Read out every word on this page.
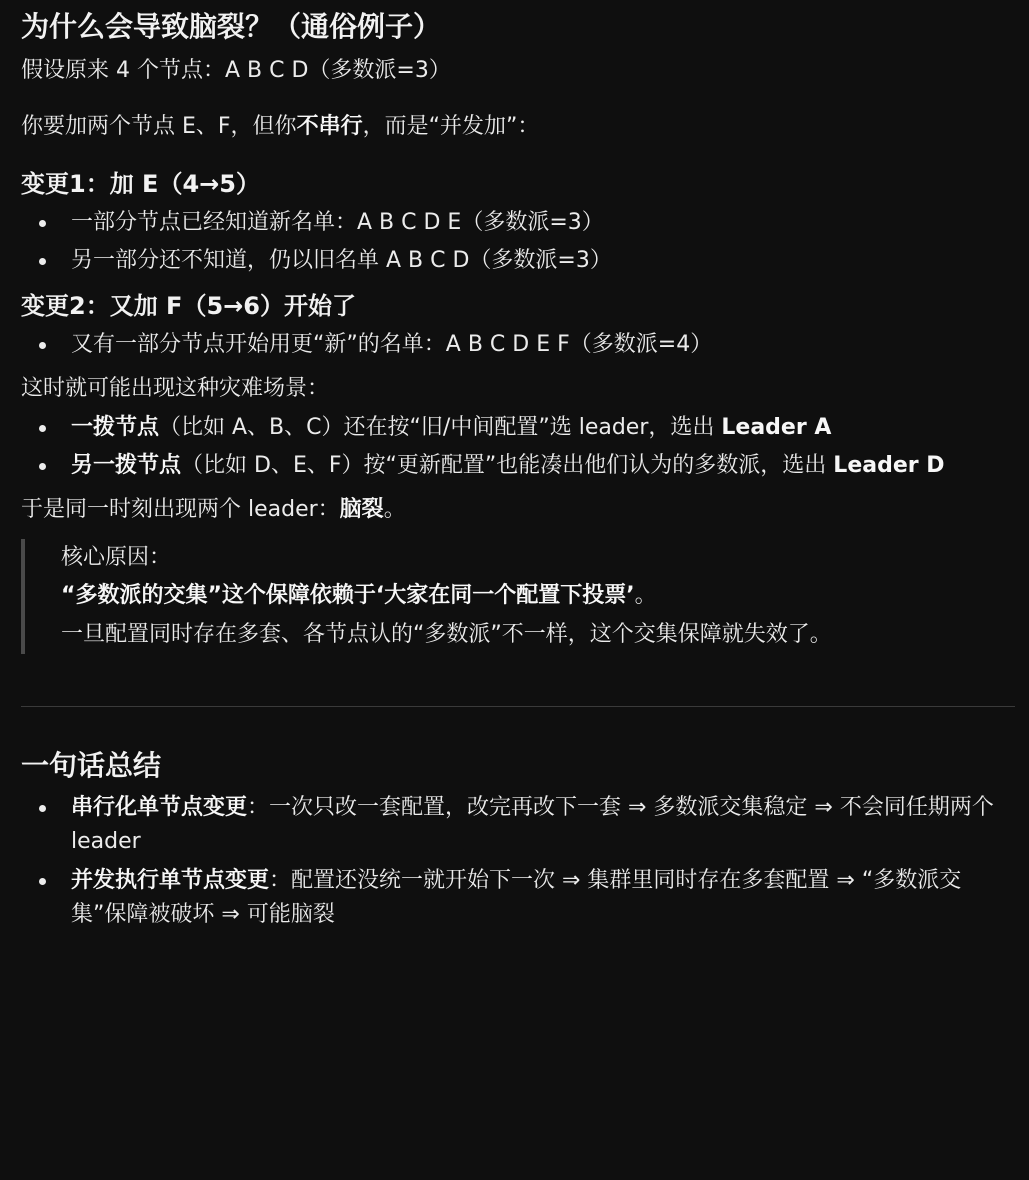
为什么会导致脑裂？（通俗例子）

假设原来 4 个节点：A B C D（多数派=3）

你要加两个节点 E、F，但你不串行，而是“并发加”：

变更1：加 E（4→5）
一部分节点已经知道新名单：A B C D E（多数派=3）
另一部分还不知道，仍以旧名单 A B C D（多数派=3）
变更2：又加 F（5→6）开始了
又有一部分节点开始用更“新”的名单：A B C D E F（多数派=4）

这时就可能出现这种灾难场景：

一拨节点（比如 A、B、C）还在按“旧/中间配置”选 leader，选出 Leader A
另一拨节点（比如 D、E、F）按“更新配置”也能凑出他们认为的多数派，选出 Leader D

于是同一时刻出现两个 leader：脑裂。

核心原因：
“多数派的交集”这个保障依赖于‘大家在同一个配置下投票’。
一旦配置同时存在多套、各节点认的“多数派”不一样，这个交集保障就失效了。
一句话总结
串行化单节点变更：一次只改一套配置，改完再改下一套 ⇒ 多数派交集稳定 ⇒ 不会同任期两个 leader
并发执行单节点变更：配置还没统一就开始下一次 ⇒ 集群里同时存在多套配置 ⇒ “多数派交集”保障被破坏 ⇒ 可能脑裂
